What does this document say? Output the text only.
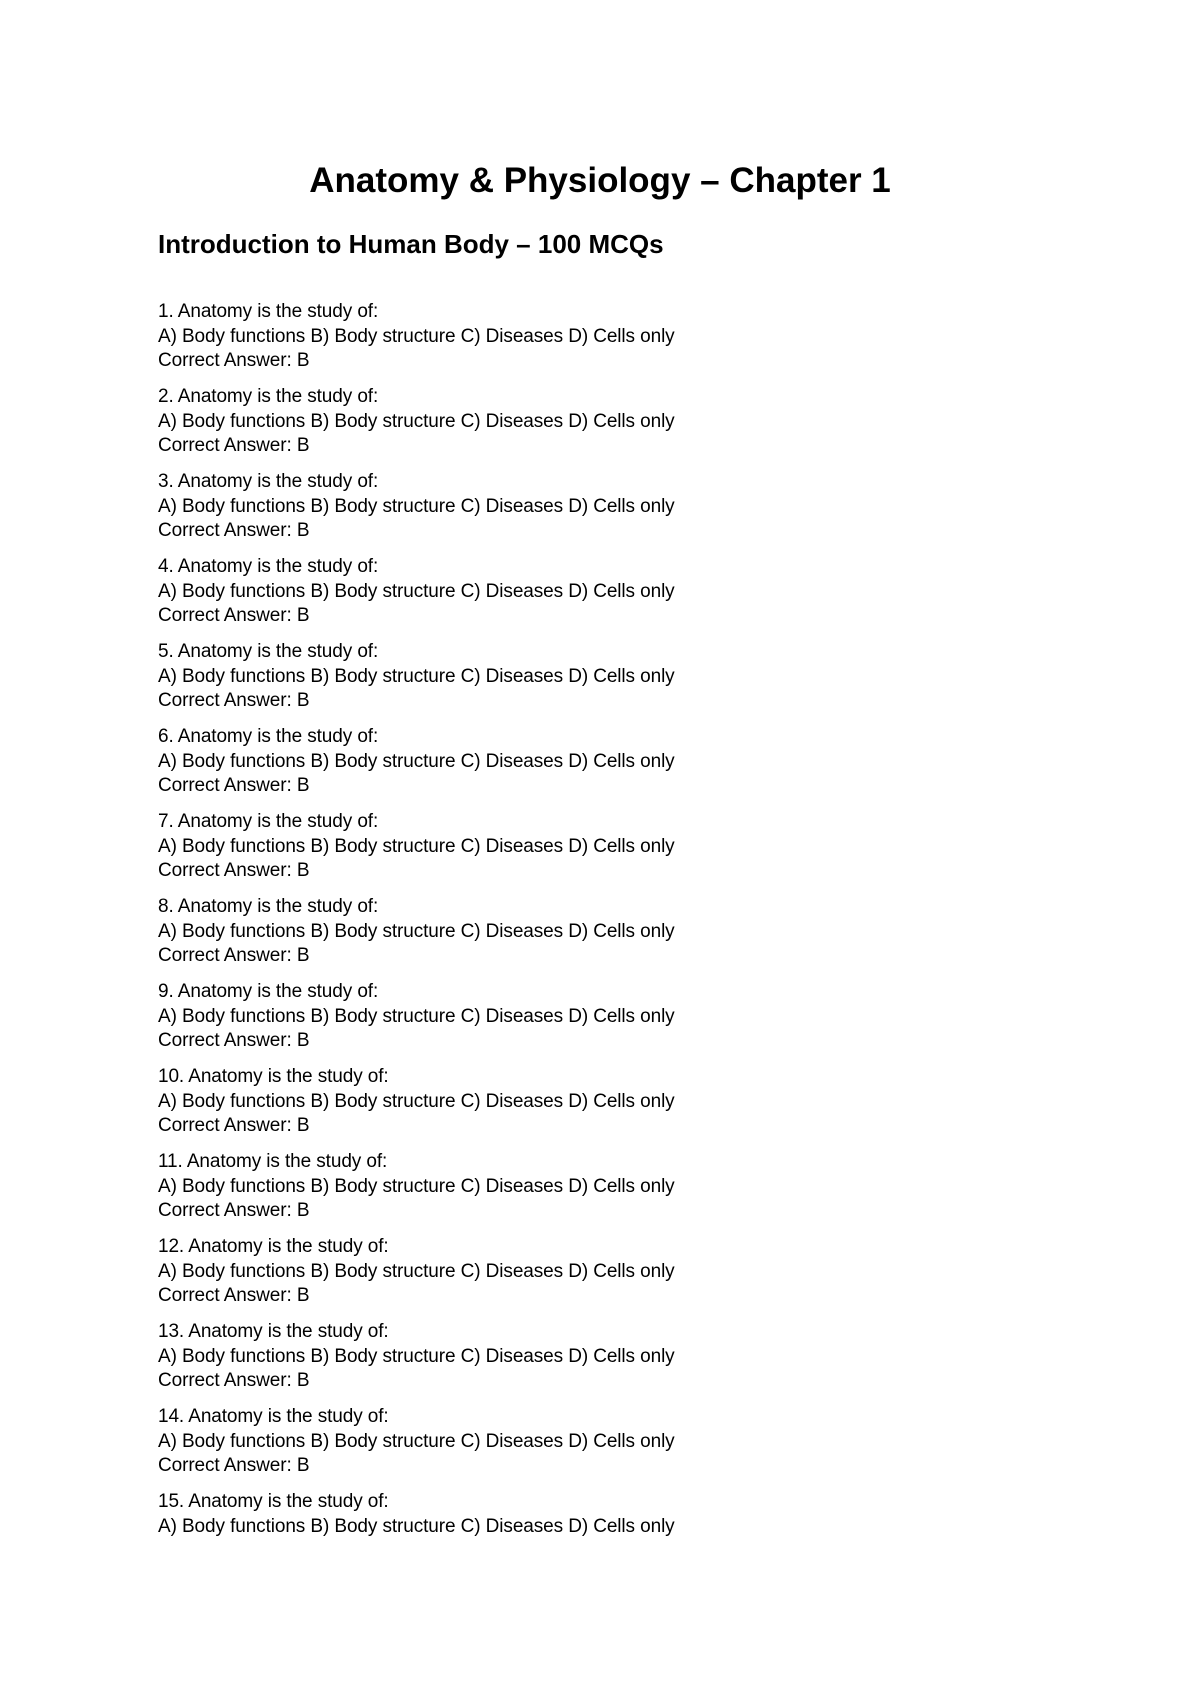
Anatomy & Physiology – Chapter 1
Introduction to Human Body – 100 MCQs
1. Anatomy is the study of:
A) Body functions B) Body structure C) Diseases D) Cells only
Correct Answer: B
2. Anatomy is the study of:
A) Body functions B) Body structure C) Diseases D) Cells only
Correct Answer: B
3. Anatomy is the study of:
A) Body functions B) Body structure C) Diseases D) Cells only
Correct Answer: B
4. Anatomy is the study of:
A) Body functions B) Body structure C) Diseases D) Cells only
Correct Answer: B
5. Anatomy is the study of:
A) Body functions B) Body structure C) Diseases D) Cells only
Correct Answer: B
6. Anatomy is the study of:
A) Body functions B) Body structure C) Diseases D) Cells only
Correct Answer: B
7. Anatomy is the study of:
A) Body functions B) Body structure C) Diseases D) Cells only
Correct Answer: B
8. Anatomy is the study of:
A) Body functions B) Body structure C) Diseases D) Cells only
Correct Answer: B
9. Anatomy is the study of:
A) Body functions B) Body structure C) Diseases D) Cells only
Correct Answer: B
10. Anatomy is the study of:
A) Body functions B) Body structure C) Diseases D) Cells only
Correct Answer: B
11. Anatomy is the study of:
A) Body functions B) Body structure C) Diseases D) Cells only
Correct Answer: B
12. Anatomy is the study of:
A) Body functions B) Body structure C) Diseases D) Cells only
Correct Answer: B
13. Anatomy is the study of:
A) Body functions B) Body structure C) Diseases D) Cells only
Correct Answer: B
14. Anatomy is the study of:
A) Body functions B) Body structure C) Diseases D) Cells only
Correct Answer: B
15. Anatomy is the study of:
A) Body functions B) Body structure C) Diseases D) Cells only
